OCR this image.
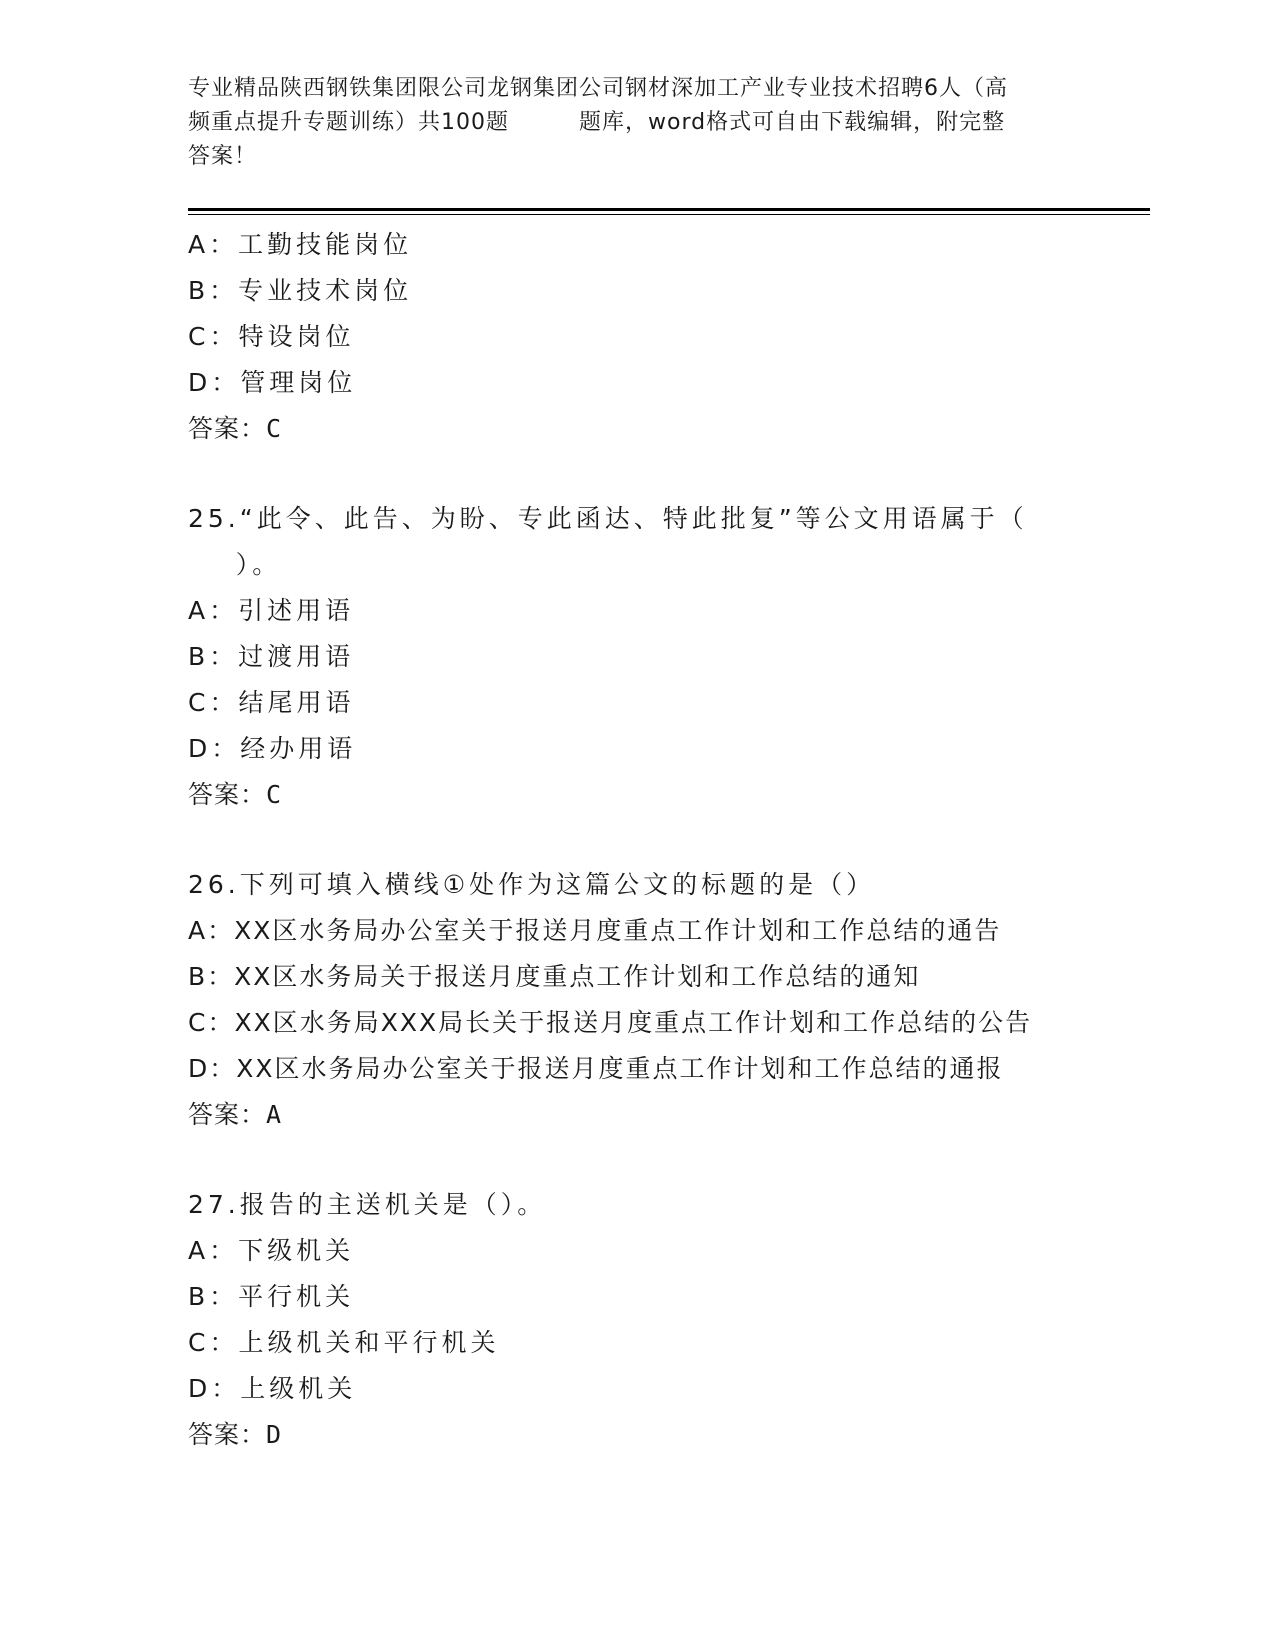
专业精品陕西钢铁集团限公司龙钢集团公司钢材深加工产业专业技术招聘6人（高
频重点提升专题训练）共100题	题库，word格式可自由下载编辑，附完整
答案！
A：工勤技能岗位
B：专业技术岗位
C：特设岗位
D：管理岗位
答案：C
25.“此令、此告、为盼、专此函达、特此批复”等公文用语属于（
）。
A：引述用语
B：过渡用语
C：结尾用语
D：经办用语
答案：C
26.下列可填入横线①处作为这篇公文的标题的是（）
A：XX区水务局办公室关于报送月度重点工作计划和工作总结的通告
B：XX区水务局关于报送月度重点工作计划和工作总结的通知
C：XX区水务局XXX局长关于报送月度重点工作计划和工作总结的公告
D：XX区水务局办公室关于报送月度重点工作计划和工作总结的通报
答案：A
27.报告的主送机关是（）。
A：下级机关
B：平行机关
C：上级机关和平行机关
D：上级机关
答案：D
